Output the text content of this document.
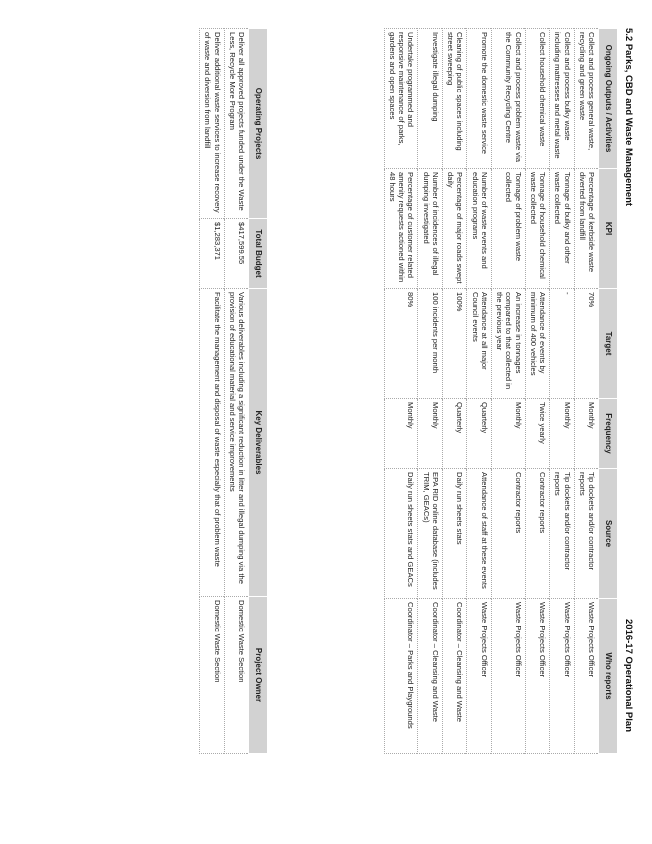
5.2 Parks, CBD and Waste Management
2016-17 Operational Plan
Ongoing Outputs / Activities	KPI	Target	Frequency	Source	Who reports
Collect and process general waste, recycling and green waste	Percentage of kerbside waste diverted from landfill	70%	Monthly	Tip dockets and/or contractor reports	Waste Projects Officer
Collect and process bulky waste including mattresses and metal waste	Tonnage of bulky and other waste collected	-	Monthly	Tip dockets and/or contractor reports	Waste Projects Officer
Collect household chemical waste	Tonnage of household chemical waste collected	Attendance of events by minimum of 400 vehicles	Twice yearly	Contractor reports	Waste Projects Officer
Collect and process problem waste via the Community Recycling Centre	Tonnage of problem waste collected	An increase in tonnages compared to that collected in the previous year	Monthly	Contractor reports	Waste Projects Officer
Promote the domestic waste service	Number of waste events and education programs	Attendance at all major Council events	Quarterly	Attendance of staff at these events	Waste Projects Officer
Cleaning of public spaces including street sweeping	Percentage of major roads swept daily	100%	Quarterly	Daily run sheets stats	Coordinator – Cleansing and Waste
Investigate illegal dumping	Number of incidences of illegal dumping investigated	100 incidents per month	Monthly	EPA RID online database (includes TRIM, GEACs)	Coordinator – Cleansing and Waste
Undertake programmed and responsive maintenance of parks, gardens and open spaces	Percentage of customer related amenity requests actioned within 48 hours	80%	Monthly	Daily run sheets stats and GEACs	Coordinator – Parks and Playgrounds
Operating Projects	Total Budget	Key Deliverables	Project Owner
Deliver all approved projects funded under the Waste Less, Recycle More Program	$417,599.55	Various deliverables including a significant reduction in litter and illegal dumping via the provision of educational material and service improvements	Domestic Waste Section
Deliver additional waste services to increase recovery of waste and diversion from landfill	$1,283,371	Facilitate the management and disposal of waste especially that of problem waste	Domestic Waste Section
